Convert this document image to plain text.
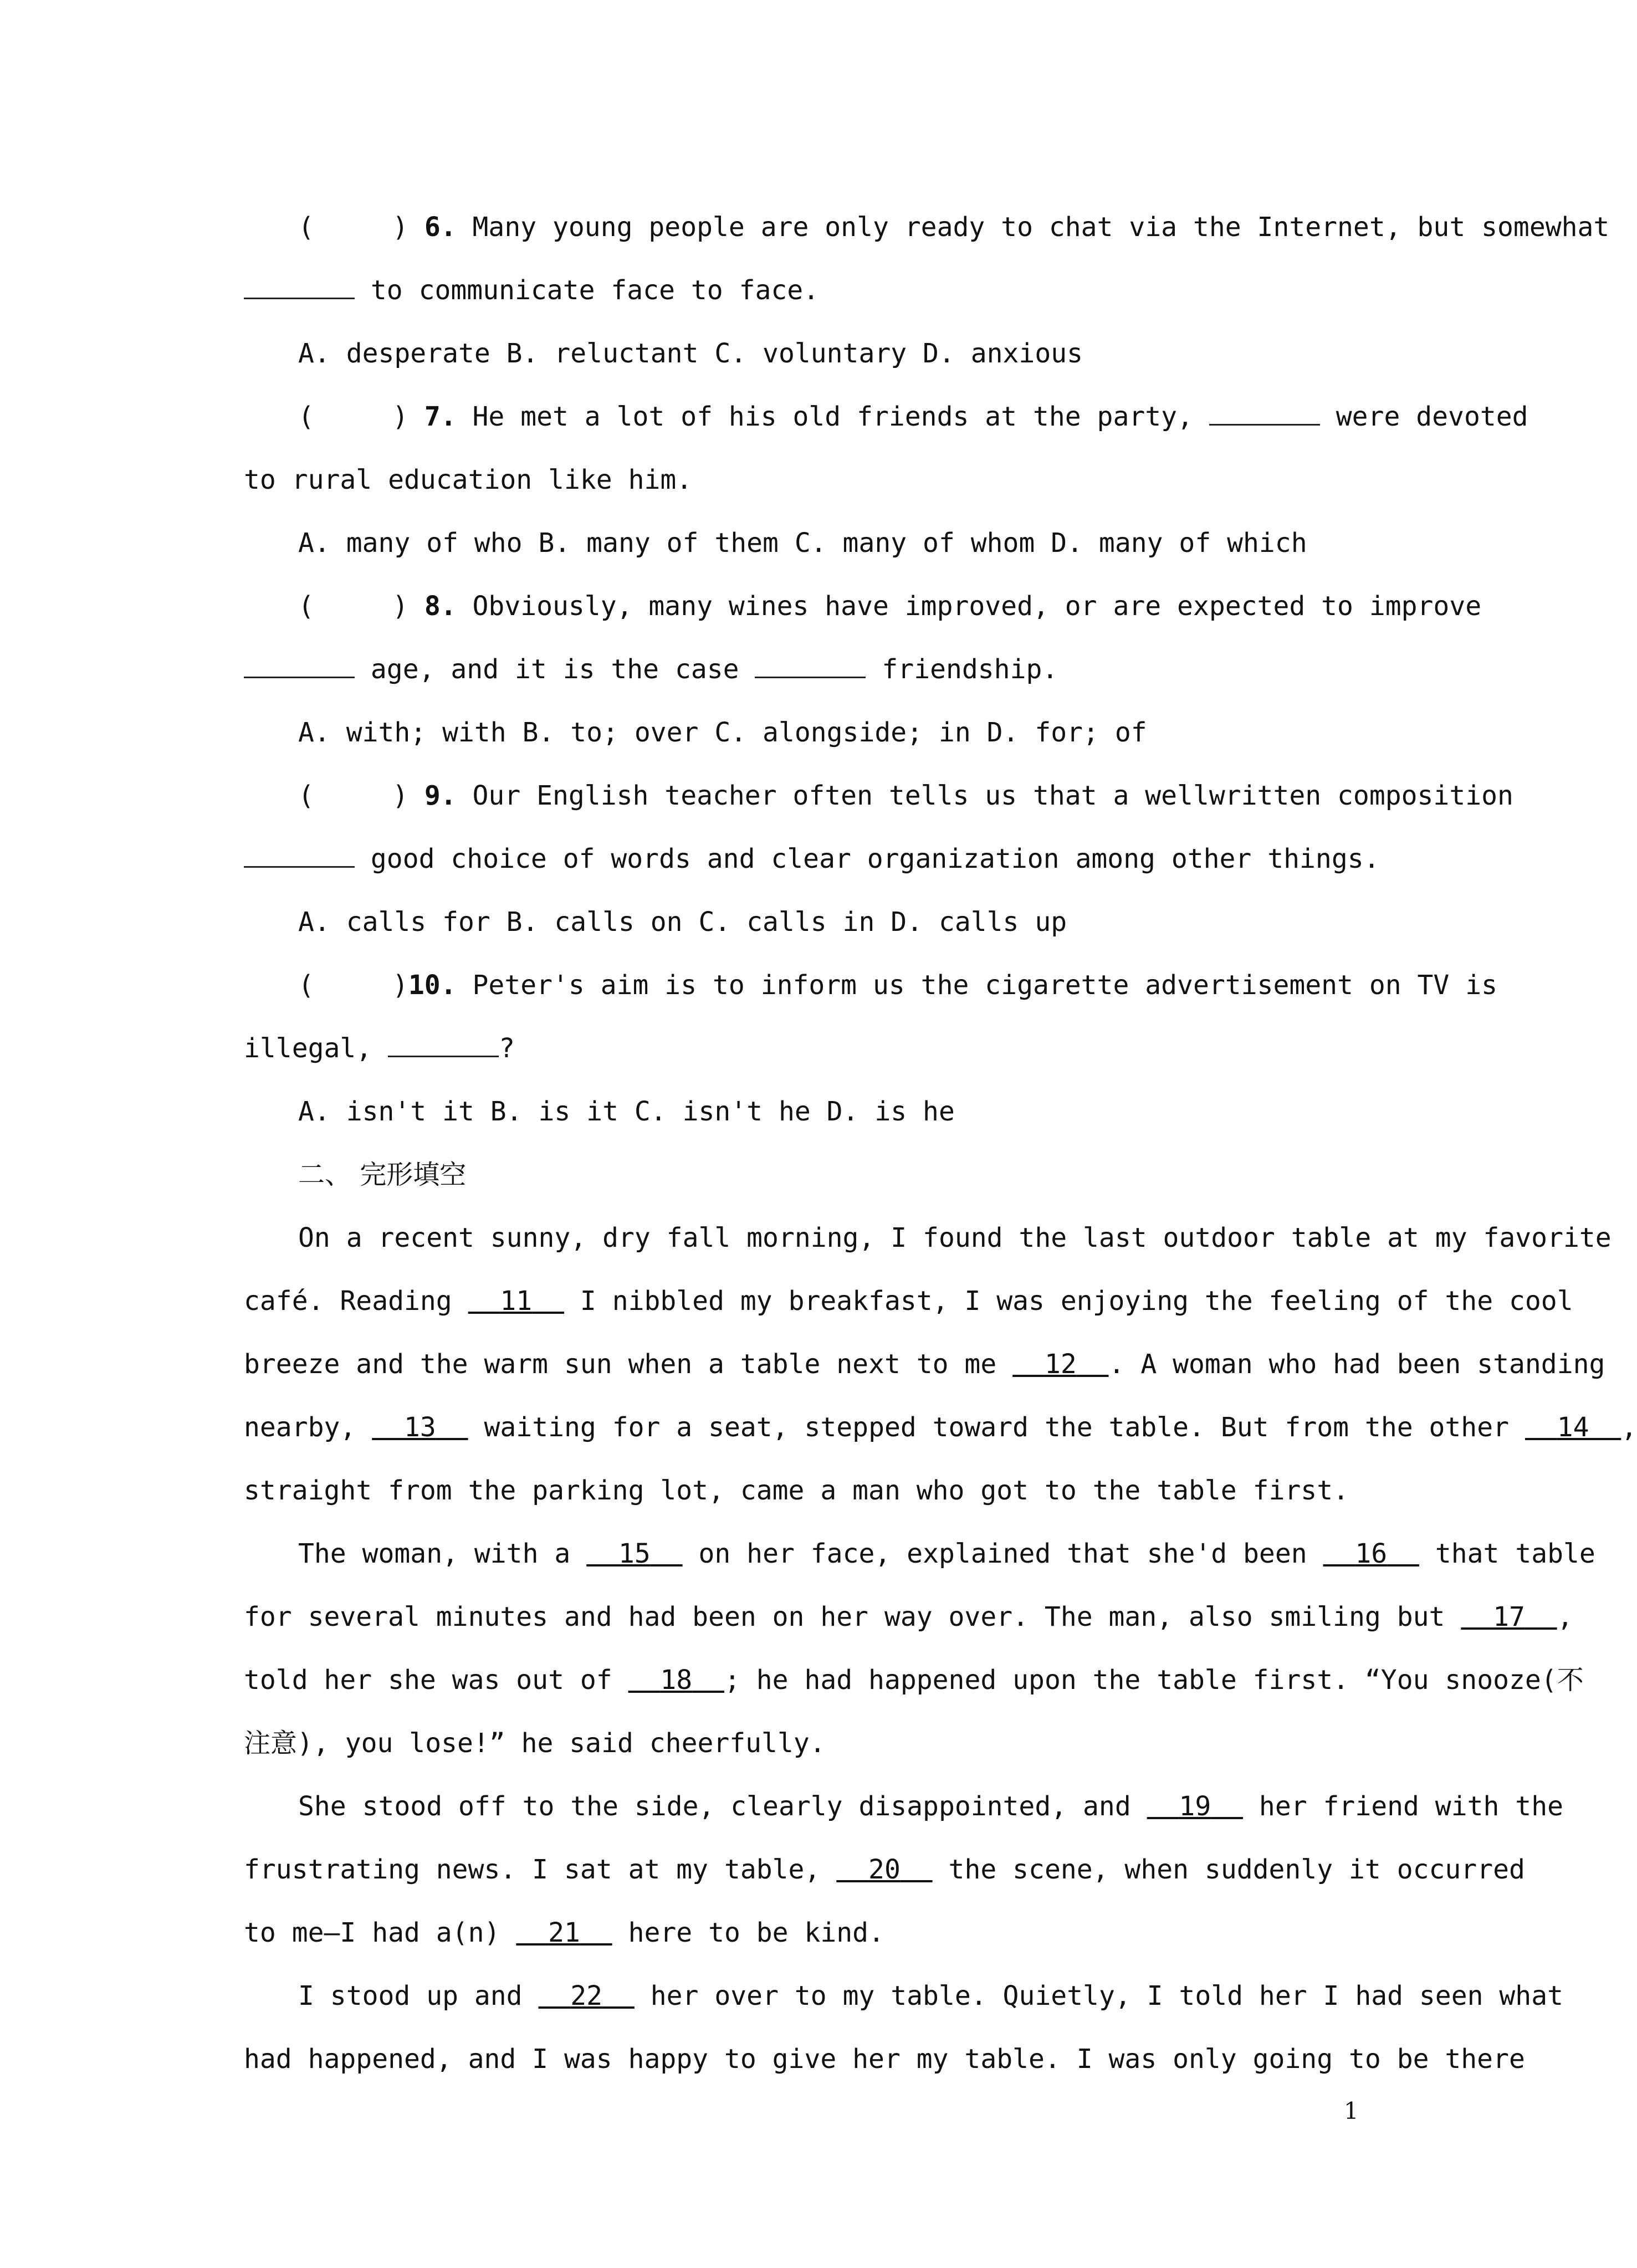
(	) 6. Many young people are only ready to chat via the Internet, but somewhat
to communicate face to face.
A. desperate B. reluctant C. voluntary D. anxious
(	) 7. He met a lot of his old friends at the party,	were devoted
to rural education like him.
A. many of who B. many of them C. many of whom D. many of which
(	) 8. Obviously, many wines have improved, or are expected to improve
age, and it is the case	friendship.
A. with; with B. to; over C. alongside; in D. for; of
(	) 9. Our English teacher often tells us that a wellwritten composition
good choice of words and clear organization among other things.
A. calls for B. calls on C. calls in D. calls up
(	)10. Peter's aim is to inform us the cigarette advertisement on TV is
illegal,	?
A. isn't it B. is it C. isn't he D. is he
二、 完形填空
On a recent sunny, dry fall morning, I found the last outdoor table at my favorite
café. Reading 11 I nibbled my breakfast, I was enjoying the feeling of the cool
breeze and the warm sun when a table next to me 12 . A woman who had been standing
nearby, 13 waiting for a seat, stepped toward the table. But from the other 14 ,
straight from the parking lot, came a man who got to the table first.
The woman, with a 15 on her face, explained that she'd been 16 that table
for several minutes and had been on her way over. The man, also smiling but 17 ,
told her she was out of 18 ; he had happened upon the table first. “You snooze(不
注意), you lose!” he said cheerfully.
She stood off to the side, clearly disappointed, and 19 her friend with the
frustrating news. I sat at my table, 20 the scene, when suddenly it occurred
to me—I had a(n) 21 here to be kind.
I stood up and 22 her over to my table. Quietly, I told her I had seen what
had happened, and I was happy to give her my table. I was only going to be there
1
